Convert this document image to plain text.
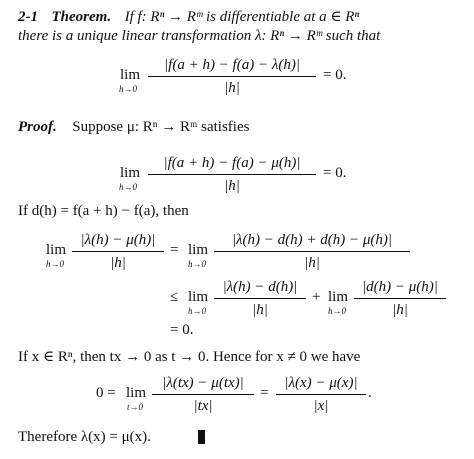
2-1 Theorem. If f: Rⁿ → Rᵐ is differentiable at a ∈ Rⁿ
there is a unique linear transformation λ: Rⁿ → Rᵐ such that
lim
h→0
|f(a + h) − f(a) − λ(h)|
|h|
= 0.
Proof. Suppose μ: Rⁿ → Rᵐ satisfies
lim
h→0
|f(a + h) − f(a) − μ(h)|
|h|
= 0.
If d(h) = f(a + h) − f(a), then
lim
h→0
|λ(h) − μ(h)|
|h|
= lim
h→0
|λ(h) − d(h) + d(h) − μ(h)|
|h|
≤ lim
h→0
|λ(h) − d(h)|
|h|
+ lim
h→0
|d(h) − μ(h)|
|h|
= 0.
If x ∈ Rⁿ, then tx → 0 as t → 0. Hence for x ≠ 0 we have
0 = lim
t→0
|λ(tx) − μ(tx)|
|tx|
=
|λ(x) − μ(x)|
|x|
.
Therefore λ(x) = μ(x).
